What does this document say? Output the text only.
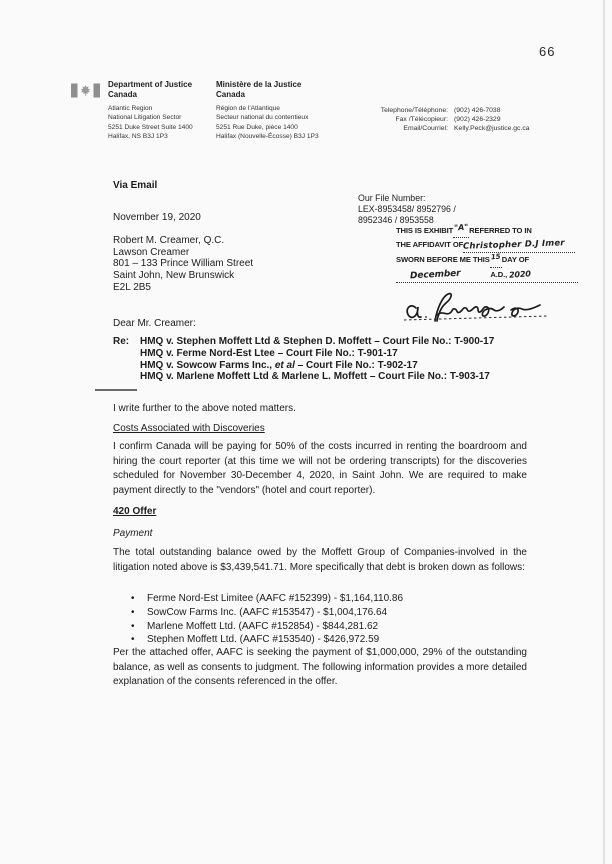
66
Department of Justice
Canada
Ministère de la Justice
Canada
Atlantic Region
National Litigation Sector
5251 Duke Street Suite 1400
Halifax, NS B3J 1P3
Région de l'Atlantique
Secteur national du contentieux
5251 Rue Duke, pièce 1400
Halifax (Nouvelle-Écosse) B3J 1P3
Telephone/Téléphone: (902) 426-7038
Fax /Télécopieur: (902) 426-2329
Email/Courriel: Kelly.Peck@justice.gc.ca
Via Email
November 19, 2020
Our File Number:
LEX-8953458/ 8952796 /
8952346 / 8953558
Robert M. Creamer, Q.C.
Lawson Creamer
801 – 133 Prince William Street
Saint John, New Brunswick
E2L 2B5
THIS IS EXHIBIT"A"REFERRED TO IN
THE AFFIDAVIT OFChristopher D.J Imer
SWORN BEFORE ME THIS15DAY OF
December	A.D., 2020
Dear Mr. Creamer:
Re:	HMQ v. Stephen Moffett Ltd & Stephen D. Moffett – Court File No.: T-900-17
HMQ v. Ferme Nord-Est Ltee – Court File No.: T-901-17
HMQ v. Sowcow Farms Inc., et al – Court File No.: T-902-17
HMQ v. Marlene Moffett Ltd & Marlene L. Moffett – Court File No.: T-903-17
I write further to the above noted matters.
Costs Associated with Discoveries
I confirm Canada will be paying for 50% of the costs incurred in renting the boardroom and hiring the court reporter (at this time we will not be ordering transcripts) for the discoveries scheduled for November 30-December 4, 2020, in Saint John. We are required to make payment directly to the "vendors" (hotel and court reporter).
420 Offer
Payment
The total outstanding balance owed by the Moffett Group of Companies-involved in the litigation noted above is $3,439,541.71. More specifically that debt is broken down as follows:
• Ferme Nord-Est Limitee (AAFC #152399) - $1,164,110.86
• SowCow Farms Inc. (AAFC #153547) - $1,004,176.64
• Marlene Moffett Ltd. (AAFC #152854) - $844,281.62
• Stephen Moffett Ltd. (AAFC #153540) - $426,972.59
Per the attached offer, AAFC is seeking the payment of $1,000,000, 29% of the outstanding balance, as well as consents to judgment. The following information provides a more detailed explanation of the consents referenced in the offer.
